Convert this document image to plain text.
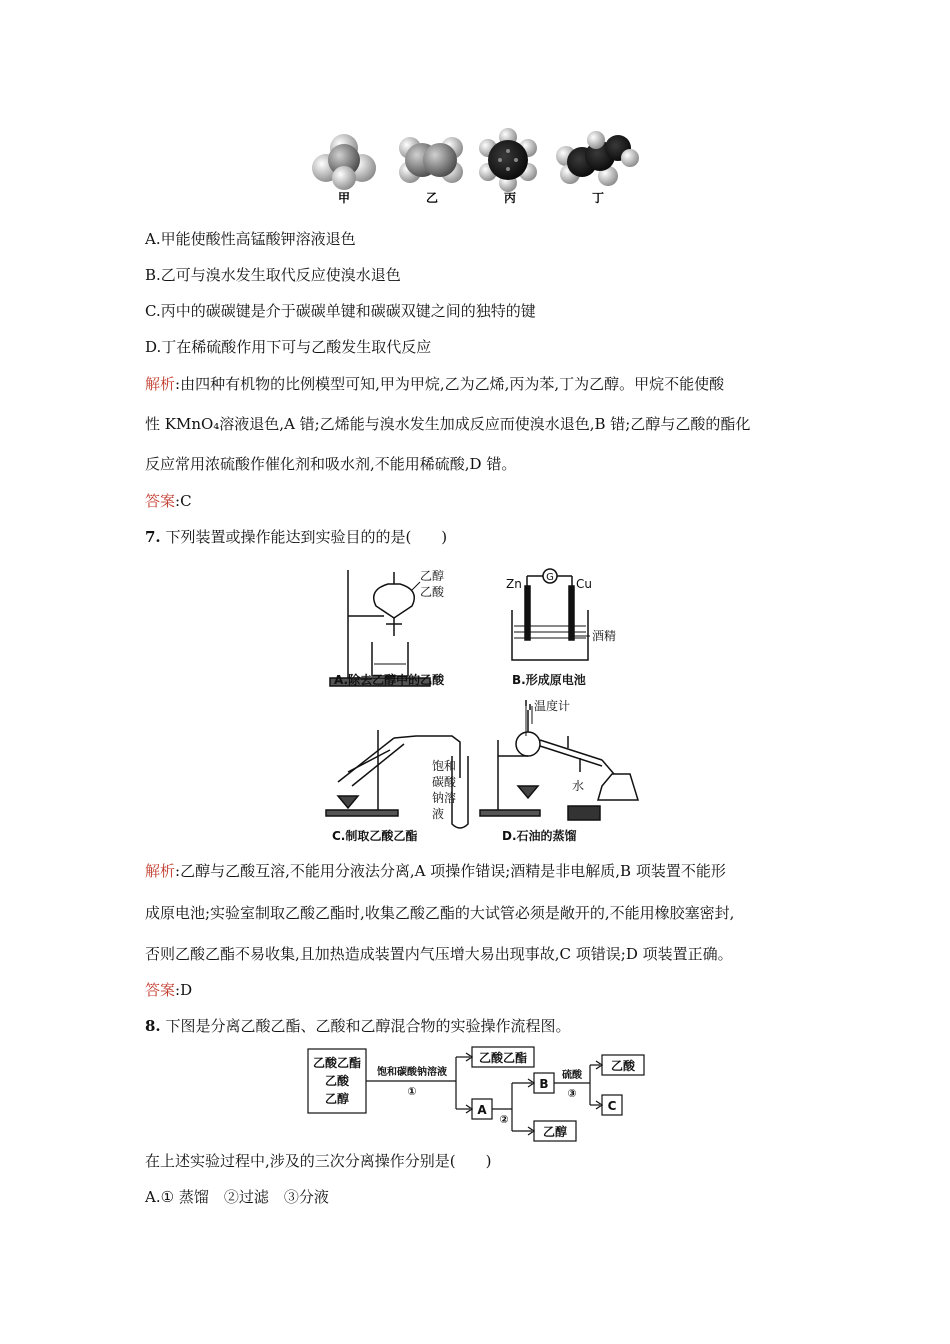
甲	乙	丙	丁
A.甲能使酸性高锰酸钾溶液退色
B.乙可与溴水发生取代反应使溴水退色
C.丙中的碳碳键是介于碳碳单键和碳碳双键之间的独特的键
D.丁在稀硫酸作用下可与乙酸发生取代反应
解析:由四种有机物的比例模型可知,甲为甲烷,乙为乙烯,丙为苯,丁为乙醇。甲烷不能使酸
性 KMnO₄溶液退色,A 错;乙烯能与溴水发生加成反应而使溴水退色,B 错;乙醇与乙酸的酯化
反应常用浓硫酸作催化剂和吸水剂,不能用稀硫酸,D 错。
答案:C
7. 下列装置或操作能达到实验目的的是(　　)
乙醇
乙酸
A.除去乙醇中的乙酸
G
Zn	Cu
酒精
B.形成原电池
饱和
碳酸
钠溶
液
C.制取乙酸乙酯
温度计
水
D.石油的蒸馏
解析:乙醇与乙酸互溶,不能用分液法分离,A 项操作错误;酒精是非电解质,B 项装置不能形
成原电池;实验室制取乙酸乙酯时,收集乙酸乙酯的大试管必须是敞开的,不能用橡胶塞密封,
否则乙酸乙酯不易收集,且加热造成装置内气压增大易出现事故,C 项错误;D 项装置正确。
答案:D
8. 下图是分离乙酸乙酯、乙酸和乙醇混合物的实验操作流程图。
乙酸乙酯
乙酸
乙醇
饱和碳酸钠溶液
①
乙酸乙酯
A
②
B
乙醇
硫酸
③
乙酸
C
在上述实验过程中,涉及的三次分离操作分别是(　　)
A.① 蒸馏　②过滤　③分液
